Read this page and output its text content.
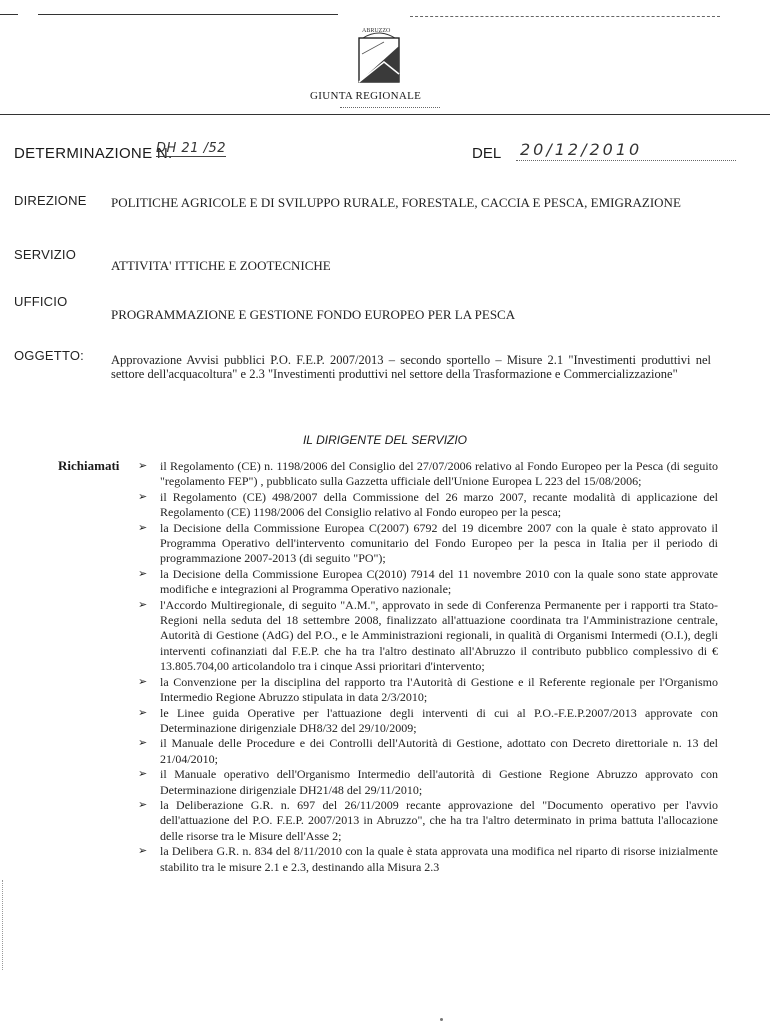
ABRUZZO
GIUNTA REGIONALE
DETERMINAZIONE N.
DH 21 /52	DEL 20/12/2010
DIREZIONE POLITICHE AGRICOLE E DI SVILUPPO RURALE, FORESTALE, CACCIA E PESCA, EMIGRAZIONE
SERVIZIO
ATTIVITA' ITTICHE E ZOOTECNICHE
UFFICIO
PROGRAMMAZIONE E GESTIONE FONDO EUROPEO PER LA PESCA
OGGETTO: Approvazione Avvisi pubblici P.O. F.E.P. 2007/2013 – secondo sportello – Misure 2.1 "Investimenti produttivi nel settore dell'acquacoltura" e 2.3 "Investimenti produttivi nel settore della Trasformazione e Commercializzazione"
IL DIRIGENTE DEL SERVIZIO
Richiamati ➢ il Regolamento (CE) n. 1198/2006 del Consiglio del 27/07/2006 relativo al Fondo Europeo per la Pesca (di seguito "regolamento FEP") , pubblicato sulla Gazzetta ufficiale dell'Unione Europea L 223 del 15/08/2006;
➢ il Regolamento (CE) 498/2007 della Commissione del 26 marzo 2007, recante modalità di applicazione del Regolamento (CE) 1198/2006 del Consiglio relativo al Fondo europeo per la pesca;
➢ la Decisione della Commissione Europea C(2007) 6792 del 19 dicembre 2007 con la quale è stato approvato il Programma Operativo dell'intervento comunitario del Fondo Europeo per la pesca in Italia per il periodo di programmazione 2007-2013 (di seguito "PO");
➢ la Decisione della Commissione Europea C(2010) 7914 del 11 novembre 2010 con la quale sono state approvate modifiche e integrazioni al Programma Operativo nazionale;
➢ l'Accordo Multiregionale, di seguito "A.M.", approvato in sede di Conferenza Permanente per i rapporti tra Stato-Regioni nella seduta del 18 settembre 2008, finalizzato all'attuazione coordinata tra l'Amministrazione centrale, Autorità di Gestione (AdG) del P.O., e le Amministrazioni regionali, in qualità di Organismi Intermedi (O.I.), degli interventi cofinanziati dal F.E.P. che ha tra l'altro destinato all'Abruzzo il contributo pubblico complessivo di € 13.805.704,00 articolandolo tra i cinque Assi prioritari d'intervento;
➢ la Convenzione per la disciplina del rapporto tra l'Autorità di Gestione e il Referente regionale per l'Organismo Intermedio Regione Abruzzo stipulata in data 2/3/2010;
➢ le Linee guida Operative per l'attuazione degli interventi di cui al P.O.-F.E.P.2007/2013 approvate con Determinazione dirigenziale DH8/32 del 29/10/2009;
➢ il Manuale delle Procedure e dei Controlli dell'Autorità di Gestione, adottato con Decreto direttoriale n. 13 del 21/04/2010;
➢ il Manuale operativo dell'Organismo Intermedio dell'autorità di Gestione Regione Abruzzo approvato con Determinazione dirigenziale DH21/48 del 29/11/2010;
➢ la Deliberazione G.R. n. 697 del 26/11/2009 recante approvazione del "Documento operativo per l'avvio dell'attuazione del P.O. F.E.P. 2007/2013 in Abruzzo", che ha tra l'altro determinato in prima battuta l'allocazione delle risorse tra le Misure dell'Asse 2;
➢ la Delibera G.R. n. 834 del 8/11/2010 con la quale è stata approvata una modifica nel riparto di risorse inizialmente stabilito tra le misure 2.1 e 2.3, destinando alla Misura 2.3
